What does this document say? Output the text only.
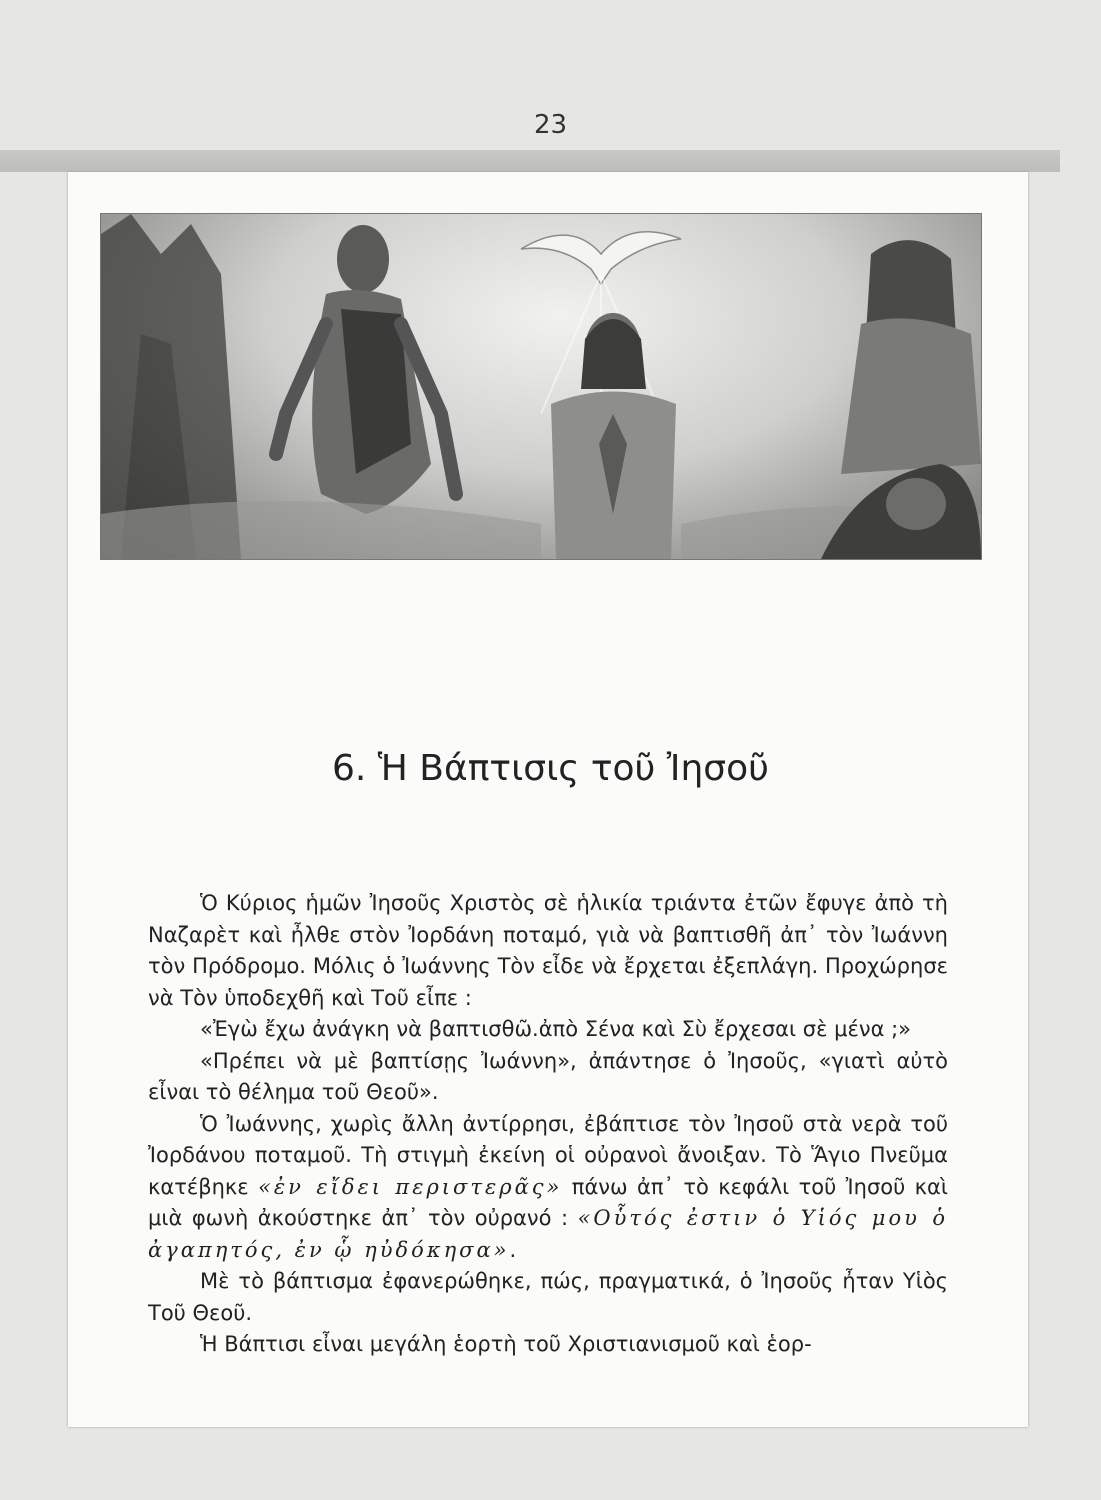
23
6. Ἡ Βάπτισις τοῦ Ἰησοῦ

Ὁ Κύριος ἡμῶν Ἰησοῦς Χριστὸς σὲ ἡλικία τριάντα ἐτῶν ἔφυγε ἀπὸ τὴ Ναζαρὲτ καὶ ἦλθε στὸν Ἰορδάνη ποταμό, γιὰ νὰ βαπτισθῆ ἀπ᾿ τὸν Ἰωάννη τὸν Πρόδρομο. Μόλις ὁ Ἰωάννης Τὸν εἶδε νὰ ἔρχεται ἐξεπλάγη. Προχώρησε νὰ Τὸν ὑποδεχθῆ καὶ Τοῦ εἶπε :

«Ἐγὼ ἔχω ἀνάγκη νὰ βαπτισθῶ.ἀπὸ Σένα καὶ Σὺ ἔρχεσαι σὲ μένα ;»

«Πρέπει νὰ μὲ βαπτίσῃς Ἰωάννη», ἀπάντησε ὁ Ἰησοῦς, «γιατὶ αὐτὸ εἶναι τὸ θέλημα τοῦ Θεοῦ».

Ὁ Ἰωάννης, χωρὶς ἄλλη ἀντίρρησι, ἐβάπτισε τὸν Ἰησοῦ στὰ νερὰ τοῦ Ἰορδάνου ποταμοῦ. Τὴ στιγμὴ ἐκείνη οἱ οὐρανοὶ ἄνοιξαν. Τὸ Ἅγιο Πνεῦμα κατέβηκε «ἐν εἴδει περιστερᾶς» πάνω ἀπ᾿ τὸ κεφάλι τοῦ Ἰησοῦ καὶ μιὰ φωνὴ ἀκούστηκε ἀπ᾿ τὸν οὐρανό : «Οὗτός ἐστιν ὁ Υἱός μου ὁ ἀγαπητός, ἐν ᾧ ηὐδόκησα».

Μὲ τὸ βάπτισμα ἐφανερώθηκε, πώς, πραγματικά, ὁ Ἰησοῦς ἦταν Υἱὸς Τοῦ Θεοῦ.

Ἡ Βάπτισι εἶναι μεγάλη ἑορτὴ τοῦ Χριστιανισμοῦ καὶ ἑορ-
